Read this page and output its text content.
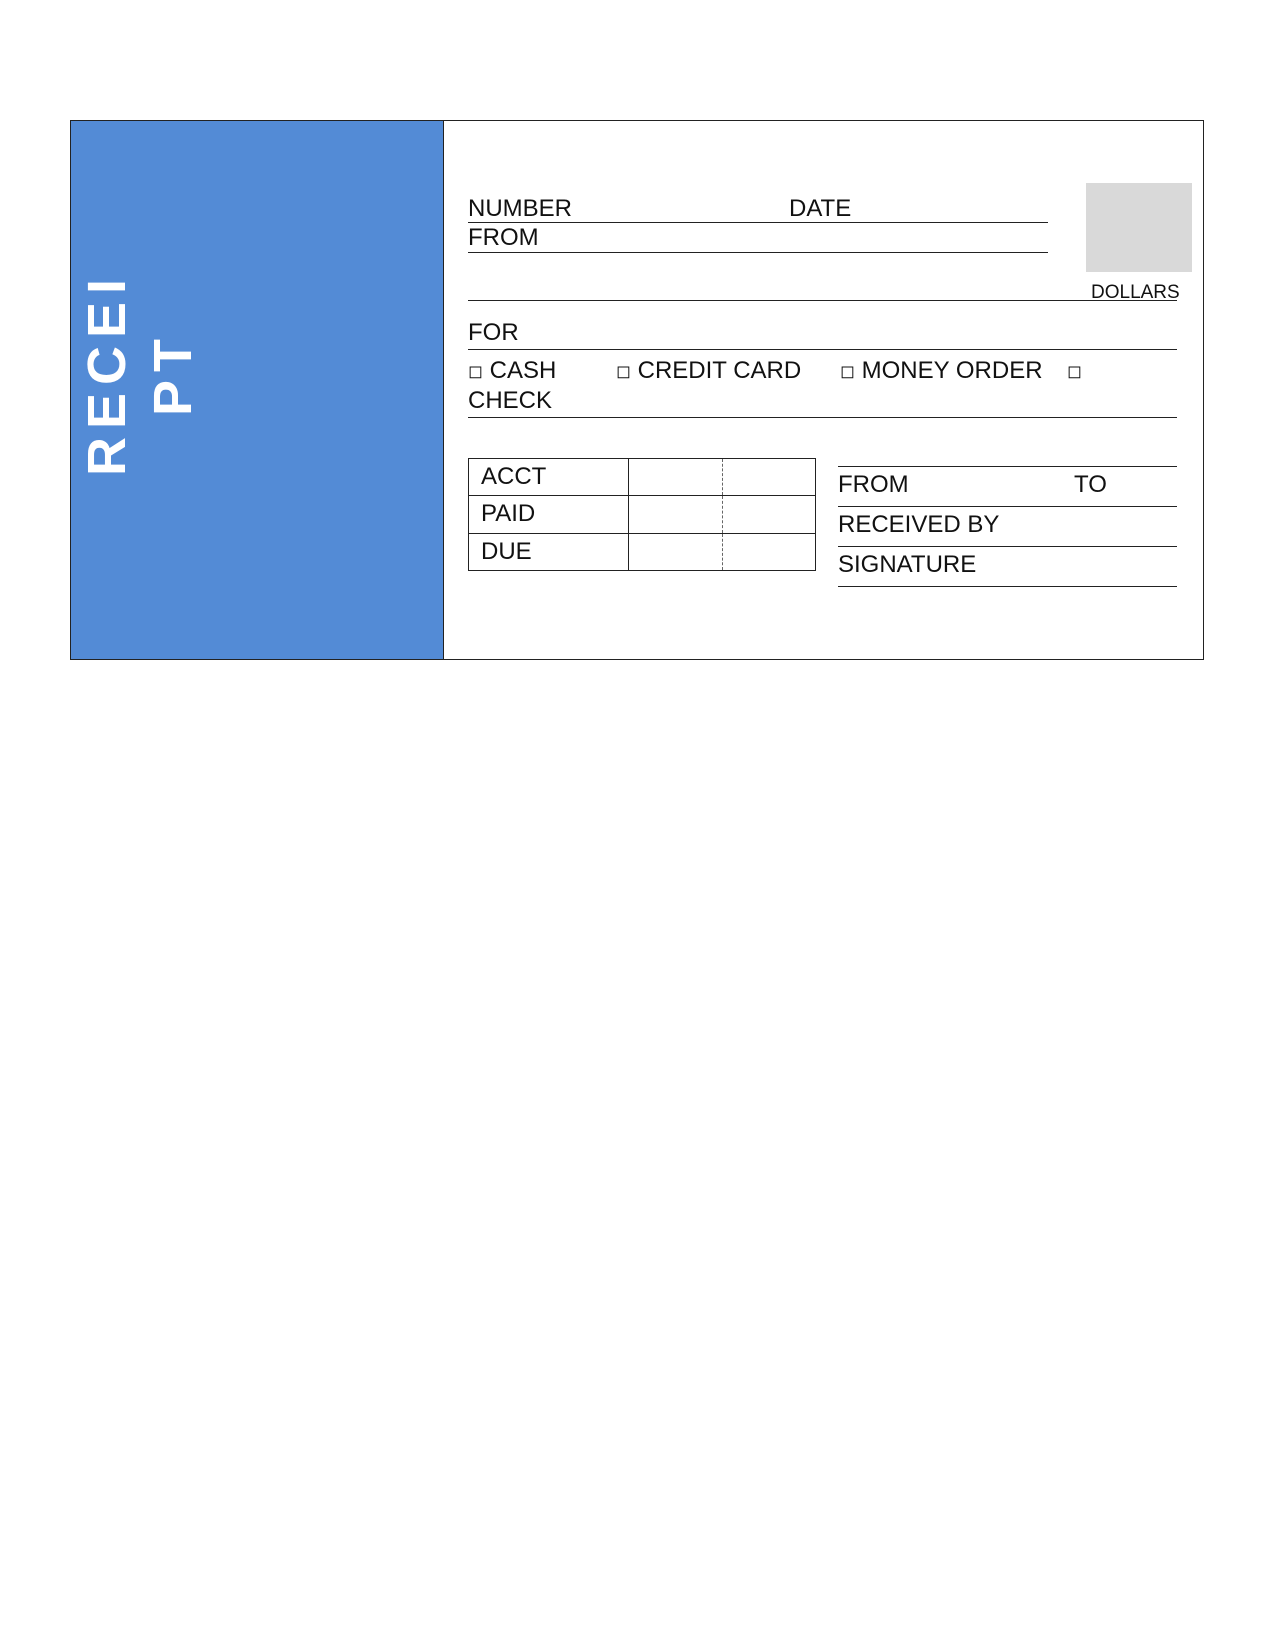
RECEI PT
NUMBER	DATE
FROM
DOLLARS
FOR
◻ CASH	◻ CREDIT CARD ◻ MONEY ORDER ◻
CHECK
ACCT	

PAID	

DUE	
FROM	TO
RECEIVED BY
SIGNATURE
